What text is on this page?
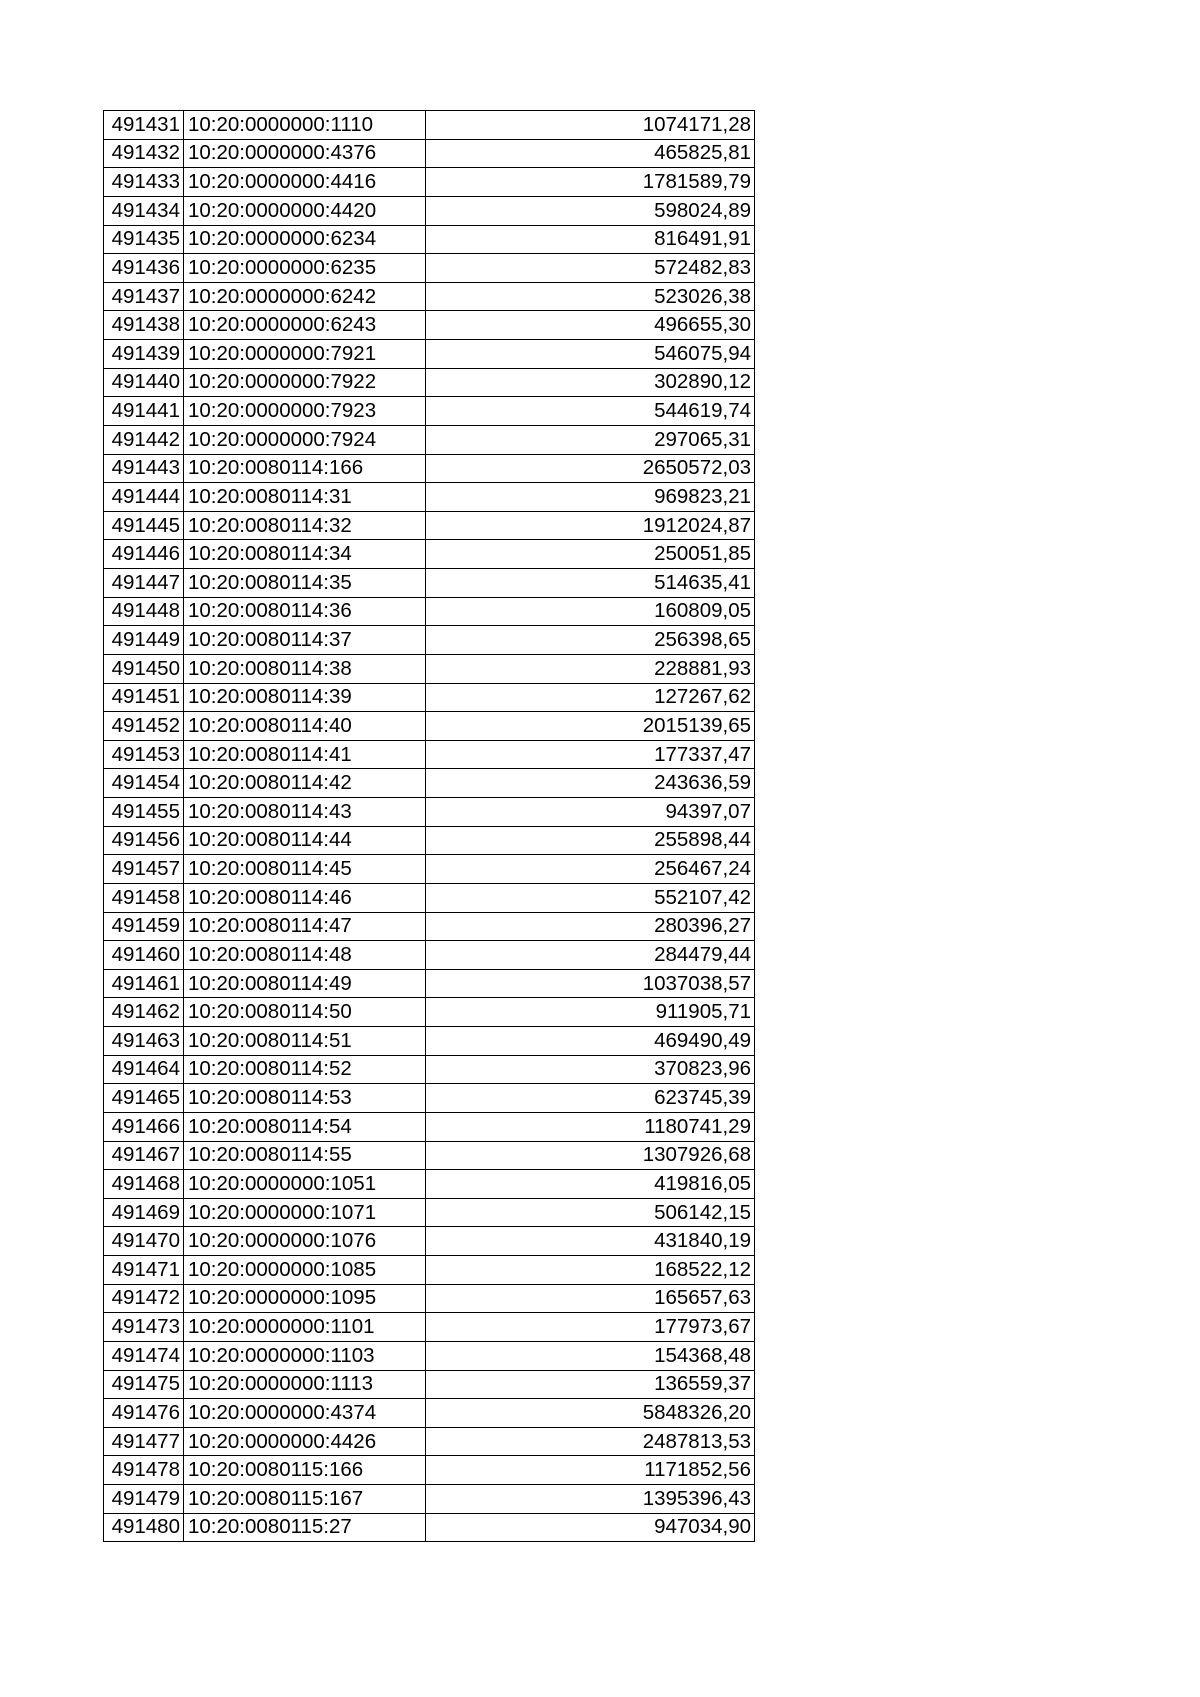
491431	10:20:0000000:1110	1074171,28
491432	10:20:0000000:4376	465825,81
491433	10:20:0000000:4416	1781589,79
491434	10:20:0000000:4420	598024,89
491435	10:20:0000000:6234	816491,91
491436	10:20:0000000:6235	572482,83
491437	10:20:0000000:6242	523026,38
491438	10:20:0000000:6243	496655,30
491439	10:20:0000000:7921	546075,94
491440	10:20:0000000:7922	302890,12
491441	10:20:0000000:7923	544619,74
491442	10:20:0000000:7924	297065,31
491443	10:20:0080114:166	2650572,03
491444	10:20:0080114:31	969823,21
491445	10:20:0080114:32	1912024,87
491446	10:20:0080114:34	250051,85
491447	10:20:0080114:35	514635,41
491448	10:20:0080114:36	160809,05
491449	10:20:0080114:37	256398,65
491450	10:20:0080114:38	228881,93
491451	10:20:0080114:39	127267,62
491452	10:20:0080114:40	2015139,65
491453	10:20:0080114:41	177337,47
491454	10:20:0080114:42	243636,59
491455	10:20:0080114:43	94397,07
491456	10:20:0080114:44	255898,44
491457	10:20:0080114:45	256467,24
491458	10:20:0080114:46	552107,42
491459	10:20:0080114:47	280396,27
491460	10:20:0080114:48	284479,44
491461	10:20:0080114:49	1037038,57
491462	10:20:0080114:50	911905,71
491463	10:20:0080114:51	469490,49
491464	10:20:0080114:52	370823,96
491465	10:20:0080114:53	623745,39
491466	10:20:0080114:54	1180741,29
491467	10:20:0080114:55	1307926,68
491468	10:20:0000000:1051	419816,05
491469	10:20:0000000:1071	506142,15
491470	10:20:0000000:1076	431840,19
491471	10:20:0000000:1085	168522,12
491472	10:20:0000000:1095	165657,63
491473	10:20:0000000:1101	177973,67
491474	10:20:0000000:1103	154368,48
491475	10:20:0000000:1113	136559,37
491476	10:20:0000000:4374	5848326,20
491477	10:20:0000000:4426	2487813,53
491478	10:20:0080115:166	1171852,56
491479	10:20:0080115:167	1395396,43
491480	10:20:0080115:27	947034,90
